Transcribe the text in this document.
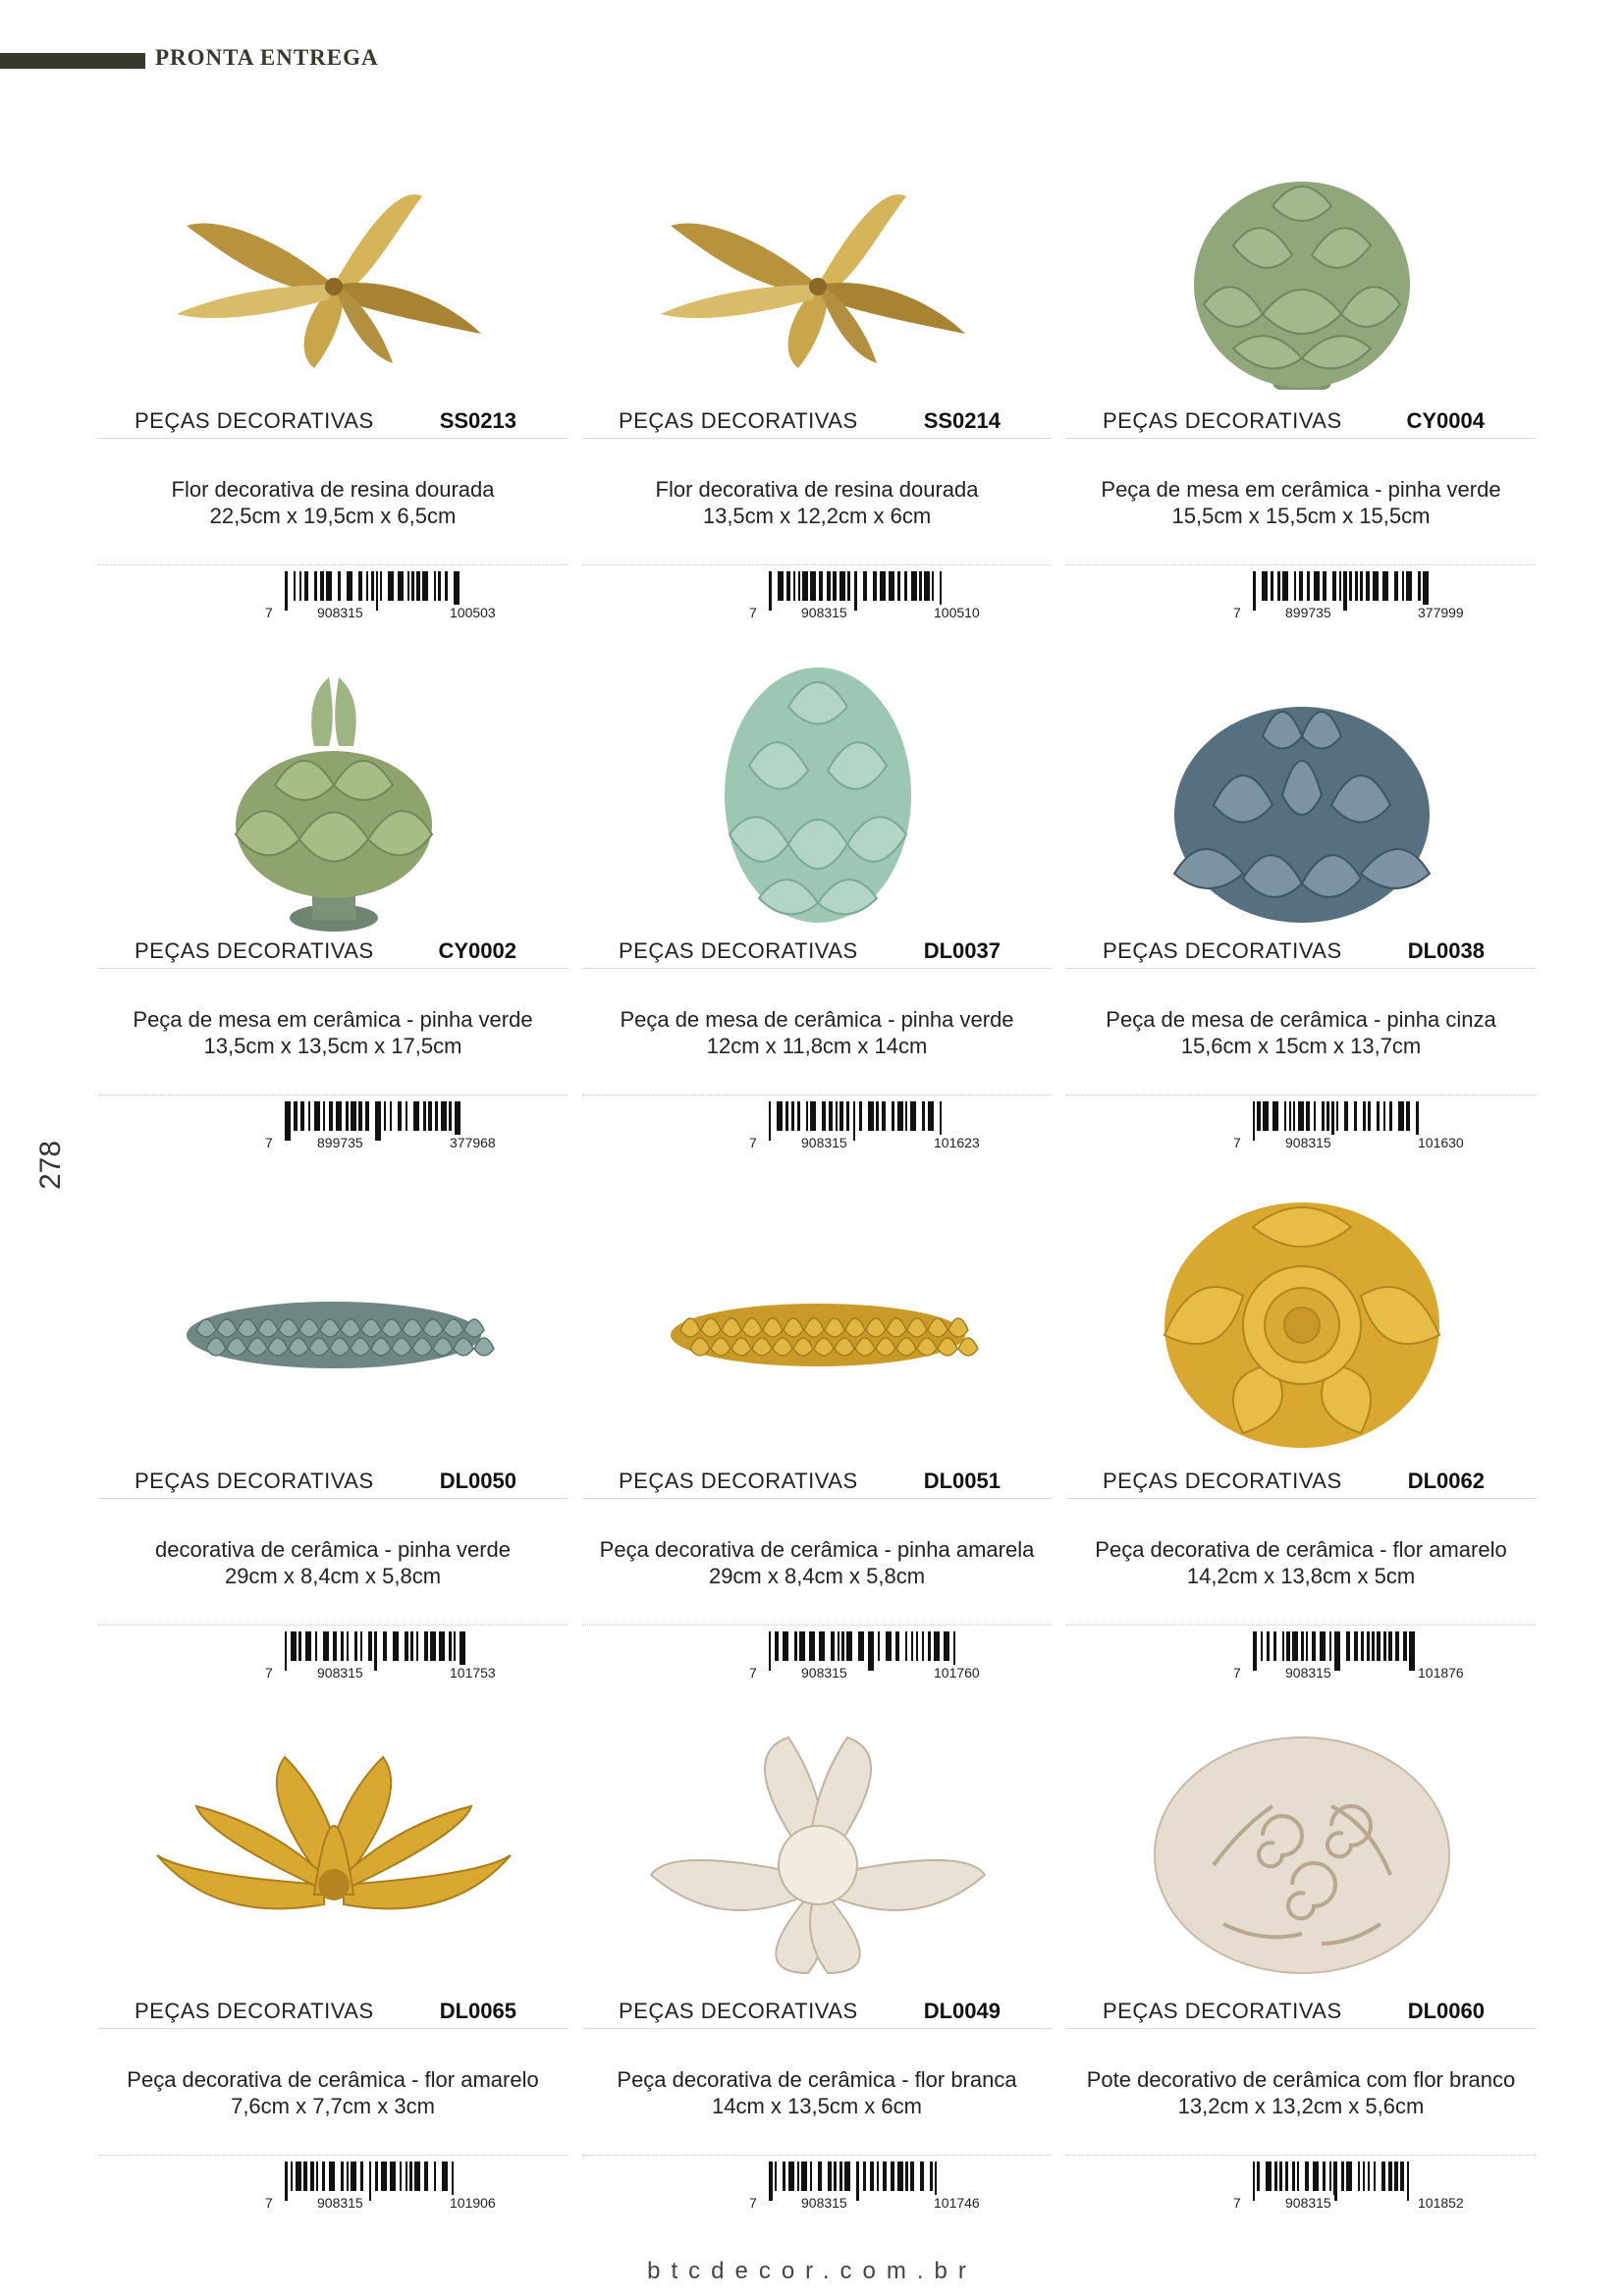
PRONTA ENTREGA
278
PEÇAS DECORATIVAS	SS0213
Flor decorativa de resina dourada
22,5cm x 19,5cm x 6,5cm
7	908315	100503
PEÇAS DECORATIVAS	SS0214
Flor decorativa de resina dourada
13,5cm x 12,2cm x 6cm
7	908315	100510
PEÇAS DECORATIVAS	CY0004
Peça de mesa em cerâmica - pinha verde
15,5cm x 15,5cm x 15,5cm
7	899735	377999
PEÇAS DECORATIVAS	CY0002
Peça de mesa em cerâmica - pinha verde
13,5cm x 13,5cm x 17,5cm
7	899735	377968
PEÇAS DECORATIVAS	DL0037
Peça de mesa de cerâmica - pinha verde
12cm x 11,8cm x 14cm
7	908315	101623
PEÇAS DECORATIVAS	DL0038
Peça de mesa de cerâmica - pinha cinza
15,6cm x 15cm x 13,7cm
7	908315	101630
PEÇAS DECORATIVAS	DL0050
decorativa de cerâmica - pinha verde
29cm x 8,4cm x 5,8cm
7	908315	101753
PEÇAS DECORATIVAS	DL0051
Peça decorativa de cerâmica - pinha amarela
29cm x 8,4cm x 5,8cm
7	908315	101760
PEÇAS DECORATIVAS	DL0062
Peça decorativa de cerâmica - flor amarelo
14,2cm x 13,8cm x 5cm
7	908315	101876
PEÇAS DECORATIVAS	DL0065
Peça decorativa de cerâmica - flor amarelo
7,6cm x 7,7cm x 3cm
7	908315	101906
PEÇAS DECORATIVAS	DL0049
Peça decorativa de cerâmica - flor branca
14cm x 13,5cm x 6cm
7	908315	101746
PEÇAS DECORATIVAS	DL0060
Pote decorativo de cerâmica com flor branco
13,2cm x 13,2cm x 5,6cm
7	908315	101852
btcdecor.com.br
